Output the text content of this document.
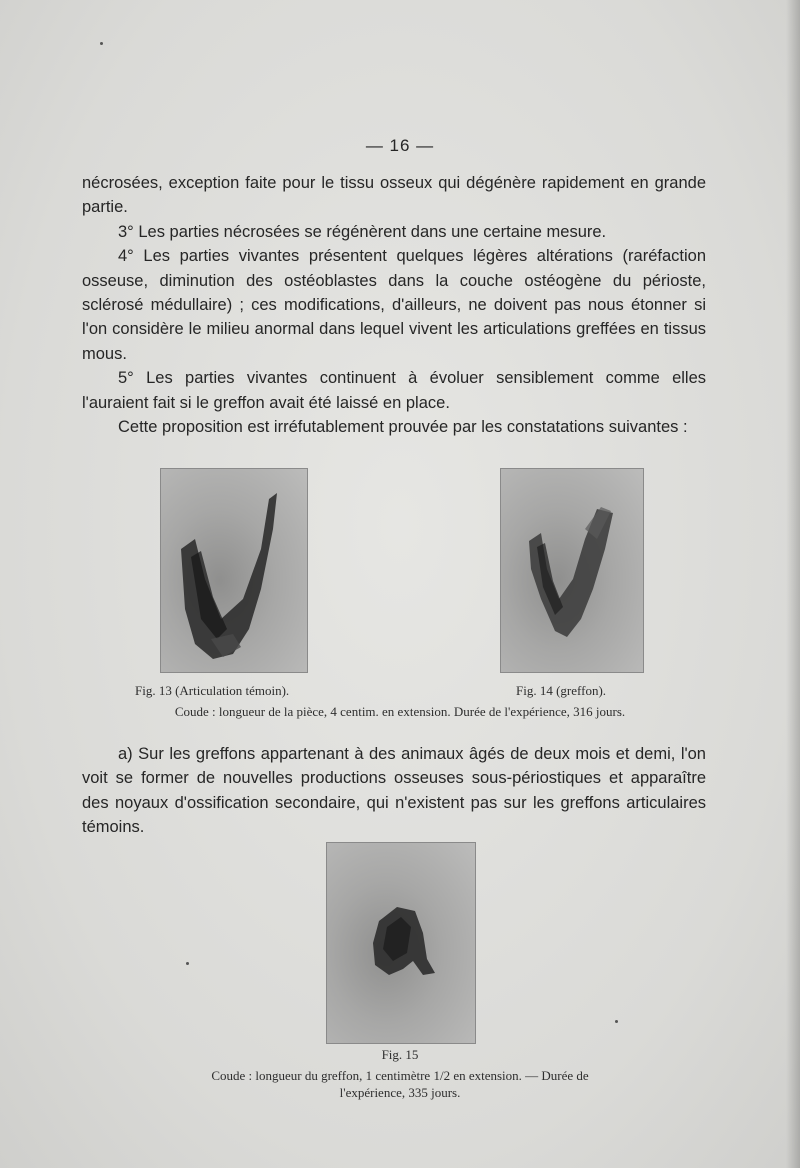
— 16 —

nécrosées, exception faite pour le tissu osseux qui dégénère rapidement en grande partie.

3° Les parties nécrosées se régénèrent dans une certaine mesure.

4° Les parties vivantes présentent quelques légères altérations (raréfaction osseuse, diminution des ostéoblastes dans la couche ostéogène du périoste, sclérosé médullaire) ; ces modifications, d'ailleurs, ne doivent pas nous étonner si l'on considère le milieu anormal dans lequel vivent les articulations greffées en tissus mous.

5° Les parties vivantes continuent à évoluer sensiblement comme elles l'auraient fait si le greffon avait été laissé en place.

Cette proposition est irréfutablement prouvée par les constatations suivantes :

Fig. 13 (Articulation témoin).	Fig. 14 (greffon).
Coude : longueur de la pièce, 4 centim. en extension. Durée de l'expérience, 316 jours.

a) Sur les greffons appartenant à des animaux âgés de deux mois et demi, l'on voit se former de nouvelles productions osseuses sous-périostiques et apparaître des noyaux d'ossification secondaire, qui n'existent pas sur les greffons articulaires témoins.

Fig. 15
Coude : longueur du greffon, 1 centimètre 1/2 en extension. — Durée de
l'expérience, 335 jours.
